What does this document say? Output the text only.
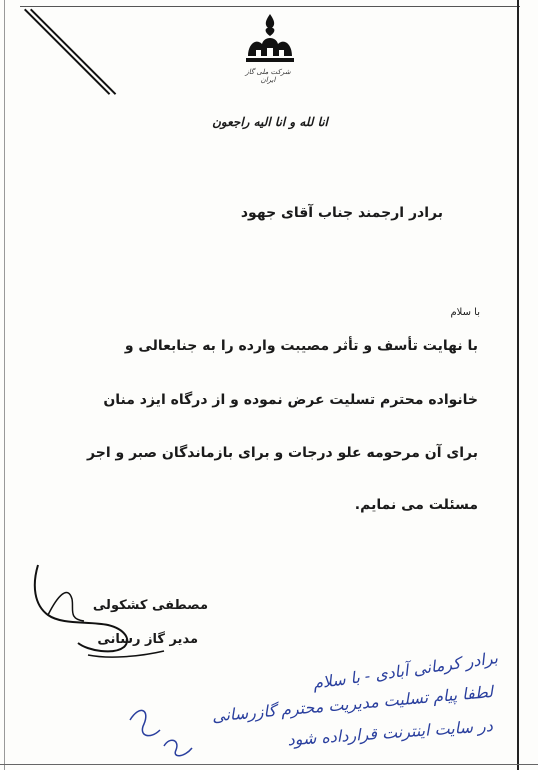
شرکت ملی گاز ایران
انا لله و انا الیه راجعون
برادر ارجمند جناب آقای جهود
با سلام
با نهایت تأسف و تأثر مصیبت وارده را به جنابعالی و
خانواده محترم تسلیت عرض نموده و از درگاه ایزد منان
برای آن مرحومه علو درجات و برای بازماندگان صبر و اجر
مسئلت می نمایم.
مصطفی کشکولی
مدیر گاز رسانی
برادر کرمانی آبادی - با سلام
لطفا پیام تسلیت مدیریت محترم گازرسانی
در سایت اینترنت قرارداده شود
